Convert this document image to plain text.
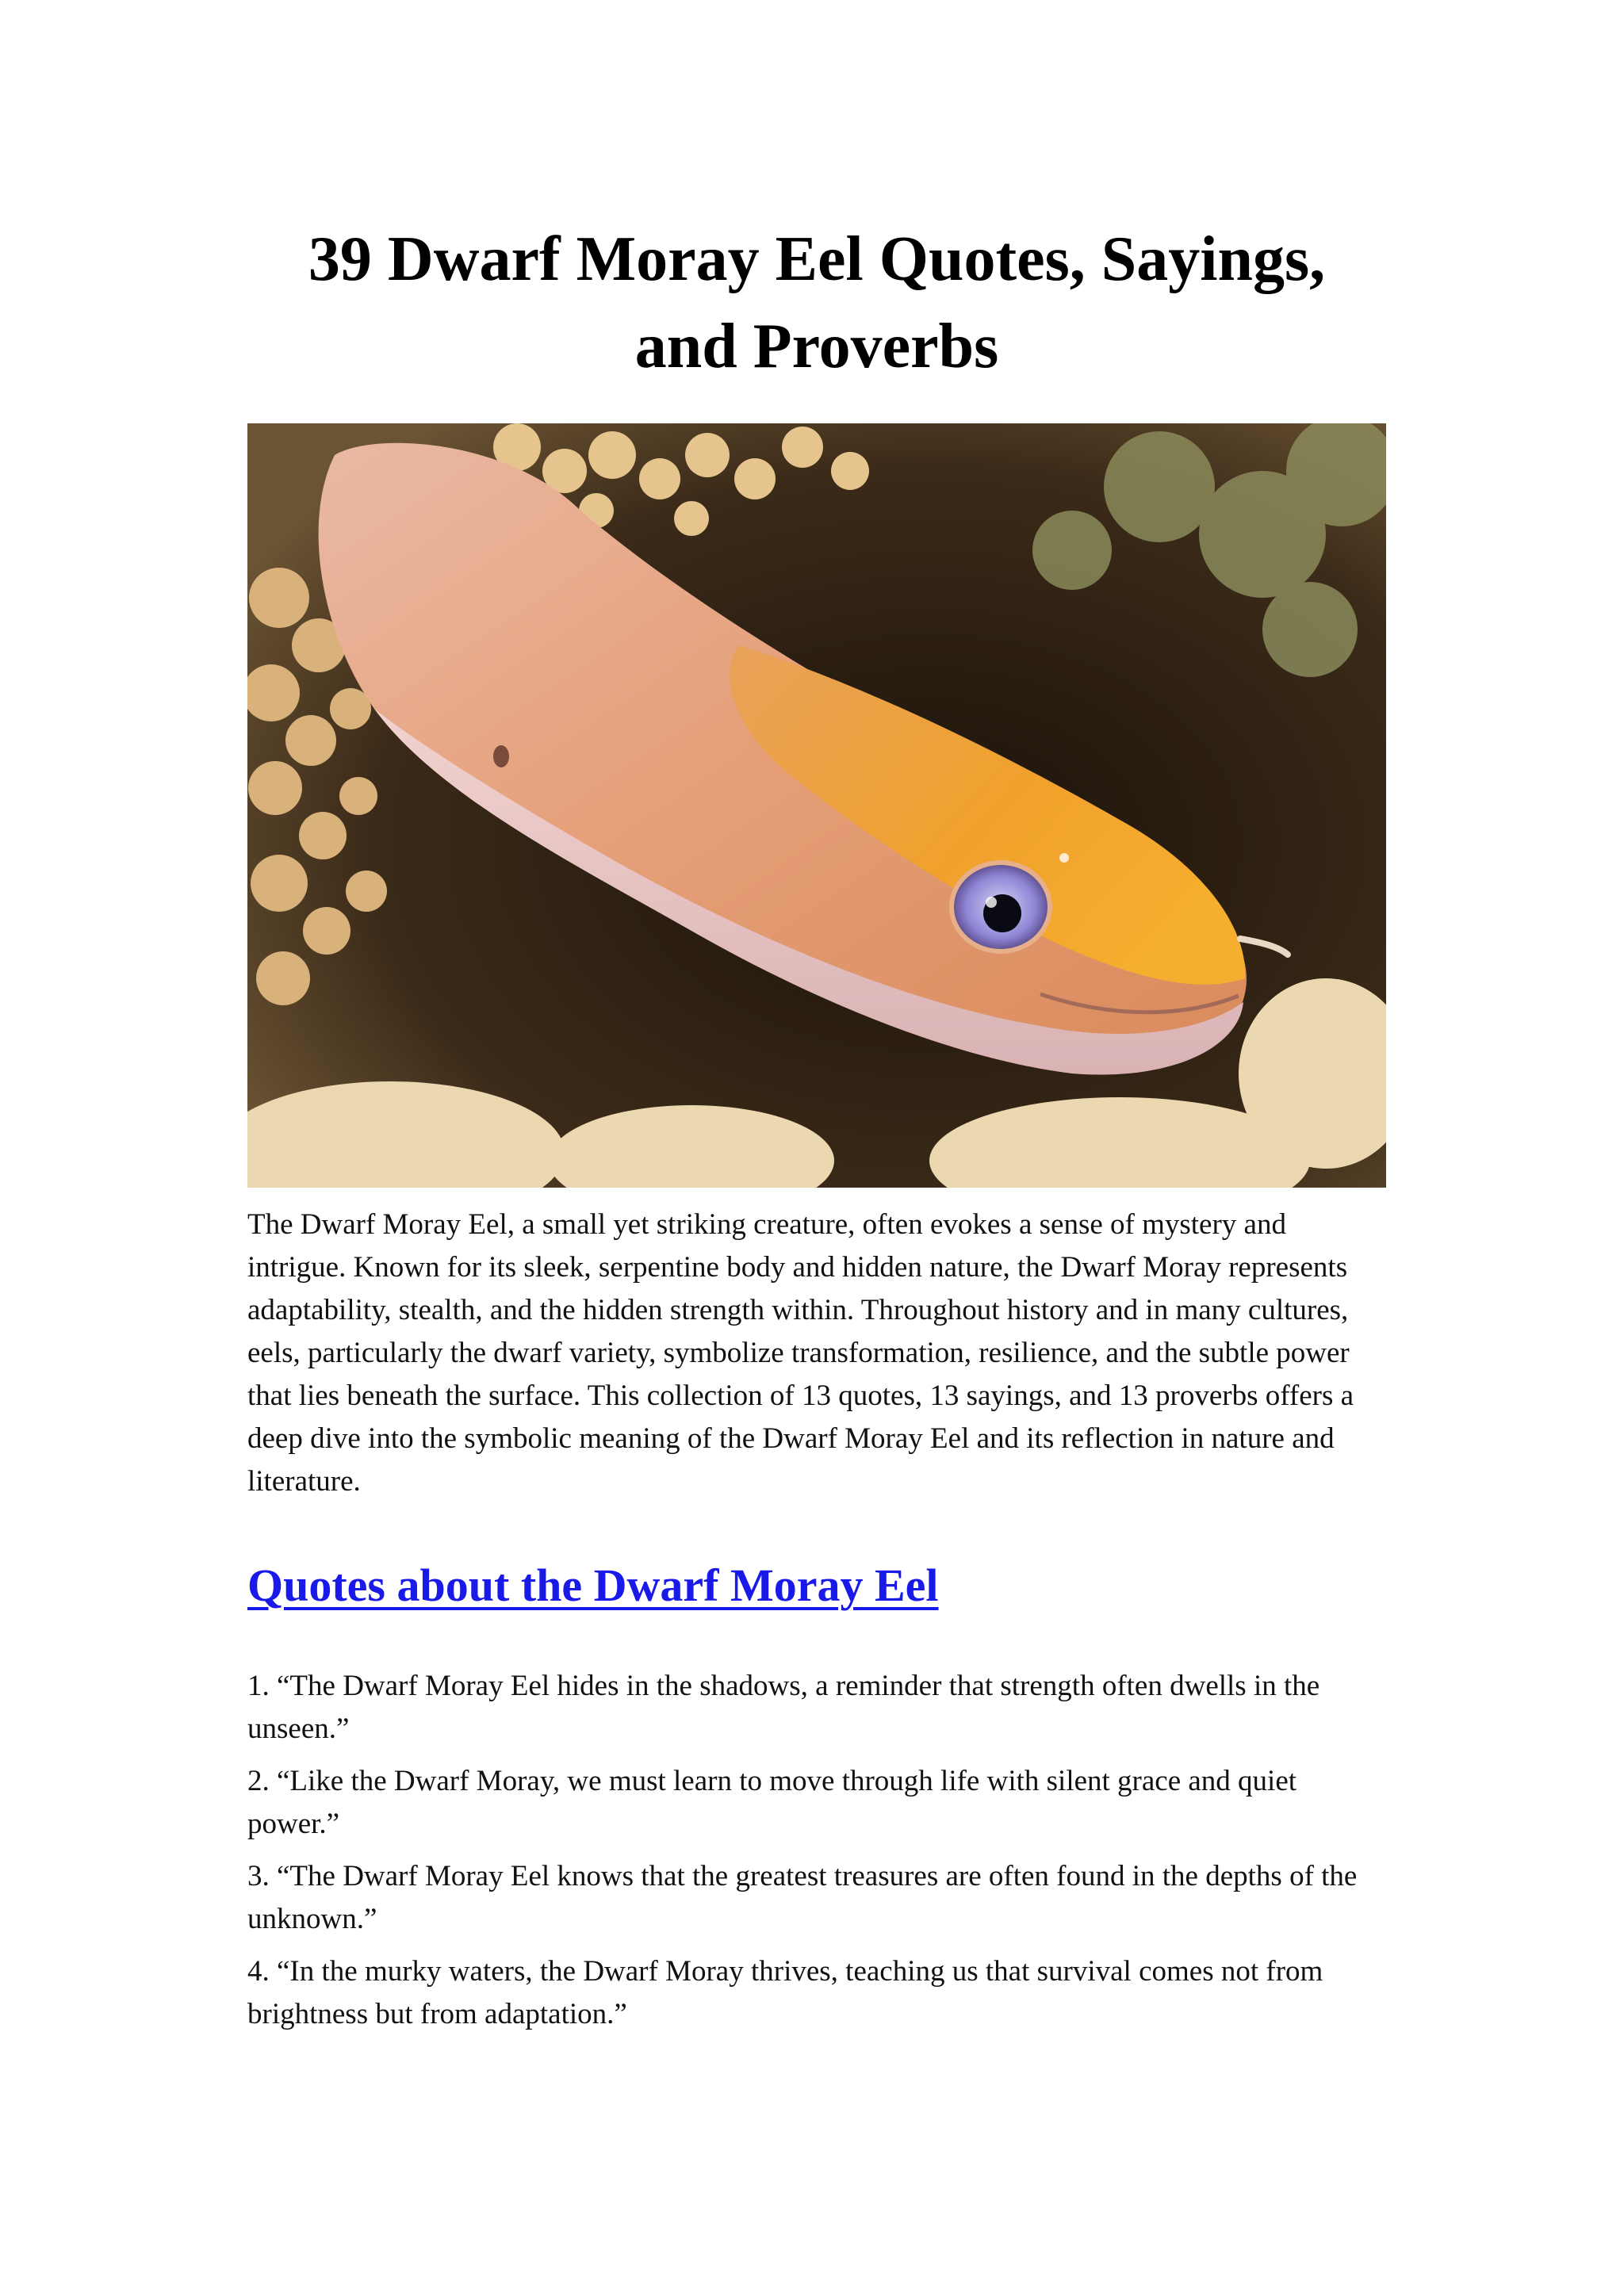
39 Dwarf Moray Eel Quotes, Sayings,
and Proverbs

The Dwarf Moray Eel, a small yet striking creature, often evokes a sense of mystery and intrigue. Known for its sleek, serpentine body and hidden nature, the Dwarf Moray represents adaptability, stealth, and the hidden strength within. Throughout history and in many cultures, eels, particularly the dwarf variety, symbolize transformation, resilience, and the subtle power that lies beneath the surface. This collection of 13 quotes, 13 sayings, and 13 proverbs offers a deep dive into the symbolic meaning of the Dwarf Moray Eel and its reflection in nature and literature.

Quotes about the Dwarf Moray Eel
1. “The Dwarf Moray Eel hides in the shadows, a reminder that strength often dwells in the unseen.”
2. “Like the Dwarf Moray, we must learn to move through life with silent grace and quiet power.”
3. “The Dwarf Moray Eel knows that the greatest treasures are often found in the depths of the unknown.”
4. “In the murky waters, the Dwarf Moray thrives, teaching us that survival comes not from brightness but from adaptation.”
